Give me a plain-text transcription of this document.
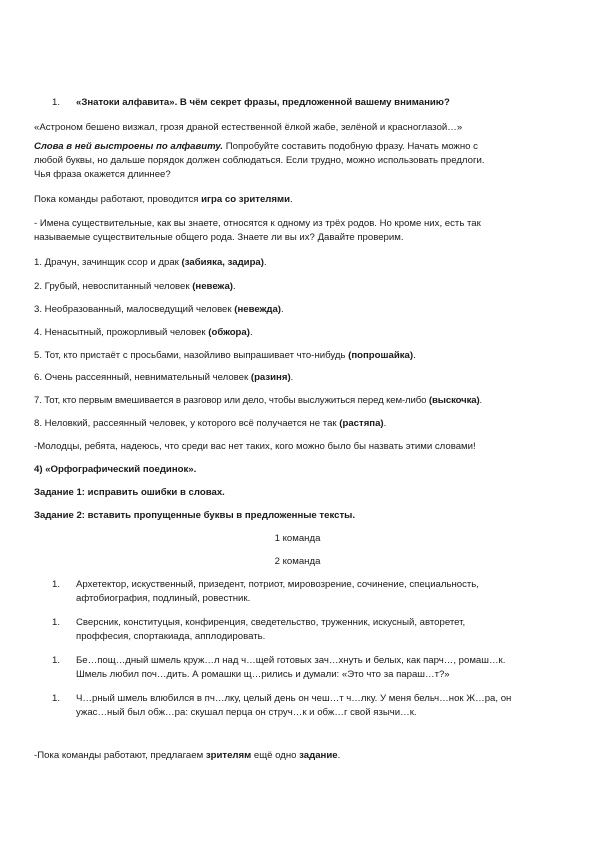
1. «Знатоки алфавита». В чём секрет фразы, предложенной вашему вниманию?
«Астроном бешено визжал, грозя драной естественной ёлкой жабе, зелёной и красноглазой…»
Слова в ней выстроены по алфавиту. Попробуйте составить подобную фразу. Начать можно с
любой буквы, но дальше порядок должен соблюдаться. Если трудно, можно использовать предлоги.
Чья фраза окажется длиннее?
Пока команды работают, проводится игра со зрителями.
- Имена существительные, как вы знаете, относятся к одному из трёх родов. Но кроме них, есть так
называемые существительные общего рода. Знаете ли вы их? Давайте проверим.
1. Драчун, зачинщик ссор и драк (забияка, задира).
2. Грубый, невоспитанный человек (невежа).
3. Необразованный, малосведущий человек (невежда).
4. Ненасытный, прожорливый человек (обжора).
5. Тот, кто пристаёт с просьбами, назойливо выпрашивает что-нибудь (попрошайка).
6. Очень рассеянный, невнимательный человек (разиня).
7. Тот, кто первым вмешивается в разговор или дело, чтобы выслужиться перед кем-либо (выскочка).
8. Неловкий, рассеянный человек, у которого всё получается не так (растяпа).
-Молодцы, ребята, надеюсь, что среди вас нет таких, кого можно было бы назвать этими словами!
4) «Орфографический поединок».
Задание 1: исправить ошибки в словах.
Задание 2: вставить пропущенные буквы в предложенные тексты.
1 команда
2 команда
1. Архетектор, искуственный, призедент, потриот, мировозрение, сочинение, специальность,
афтобиография, подлиный, ровестник.
1. Сверсник, конституцыя, конфиренция, сведетельство, труженник, искусный, авторетет,
проффесия, спортакиада, апплодировать.
1. Бе…пощ…дный шмель круж…л над ч…щей готовых зач…хнуть и белых, как парч…, ромаш…к.
Шмель любил поч…дить. А ромашки щ…рились и думали: «Это что за параш…т?»
1. Ч…рный шмель влюбился в пч…лку, целый день он чеш…т ч…лку. У меня бельч…нок Ж…ра, он
ужас…ный был обж…ра: скушал перца он струч…к и обж…г свой язычи…к.
-Пока команды работают, предлагаем зрителям ещё одно задание.
